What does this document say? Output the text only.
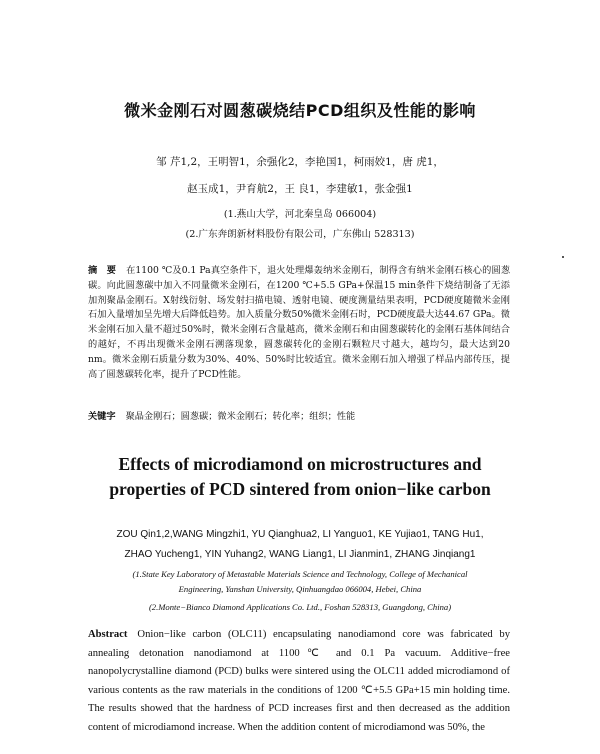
微米金刚石对圆葱碳烧结PCD组织及性能的影响
邹 芹1,2，王明智1，余强化2，李艳国1，柯雨姣1，唐 虎1，
赵玉成1，尹育航2，王 良1，李建敏1，张金强1
(1.燕山大学，河北秦皇岛 066004)
(2.广东奔朗新材料股份有限公司，广东佛山 528313)
摘　要 在1100 ℃及0.1 Pa真空条件下，退火处理爆轰纳米金刚石，制得含有纳米金刚石核心的圆葱碳。向此圆葱碳中加入不同量微米金刚石，在1200 ℃+5.5 GPa+保温15 min条件下烧结制备了无添加剂聚晶金刚石。X射线衍射、场发射扫描电镜、透射电镜、硬度测量结果表明，PCD硬度随微米金刚石加入量增加呈先增大后降低趋势。加入质量分数50%微米金刚石时，PCD硬度最大达44.67 GPa。微米金刚石加入量不超过50%时，微米金刚石含量越高，微米金刚石和由圆葱碳转化的金刚石基体间结合的越好，不再出现微米金刚石溯落现象，圆葱碳转化的金刚石颗粒尺寸越大，越均匀，最大达到20 nm。微米金刚石质量分数为30%、40%、50%时比较适宜。微米金刚石加入增强了样品内部传压，提高了圆葱碳转化率，提升了PCD性能。
关键字 聚晶金刚石；圆葱碳；微米金刚石；转化率；组织；性能
Effects of microdiamond on microstructures and
properties of PCD sintered from onion−like carbon
ZOU Qin1,2,WANG Mingzhi1, YU Qianghua2, LI Yanguo1, KE Yujiao1, TANG Hu1,
ZHAO Yucheng1, YIN Yuhang2, WANG Liang1, LI Jianmin1, ZHANG Jinqiang1
(1.State Key Laboratory of Metastable Materials Science and Technology, College of Mechanical
Engineering, Yanshan University, Qinhuangdao 066004, Hebei, China
(2.Monte−Bianco Diamond Applications Co. Ltd., Foshan 528313, Guangdong, China)
Abstract Onion−like carbon (OLC11) encapsulating nanodiamond core was fabricated by annealing detonation nanodiamond at 1100℃ and 0.1 Pa vacuum. Additive−free nanopolycrystalline diamond (PCD) bulks were sintered using the OLC11 added microdiamond of various contents as the raw materials in the conditions of 1200 ℃+5.5 GPa+15 min holding time. The results showed that the hardness of PCD increases first and then decreased as the addition content of microdiamond increase. When the addition content of microdiamond was 50%, the
